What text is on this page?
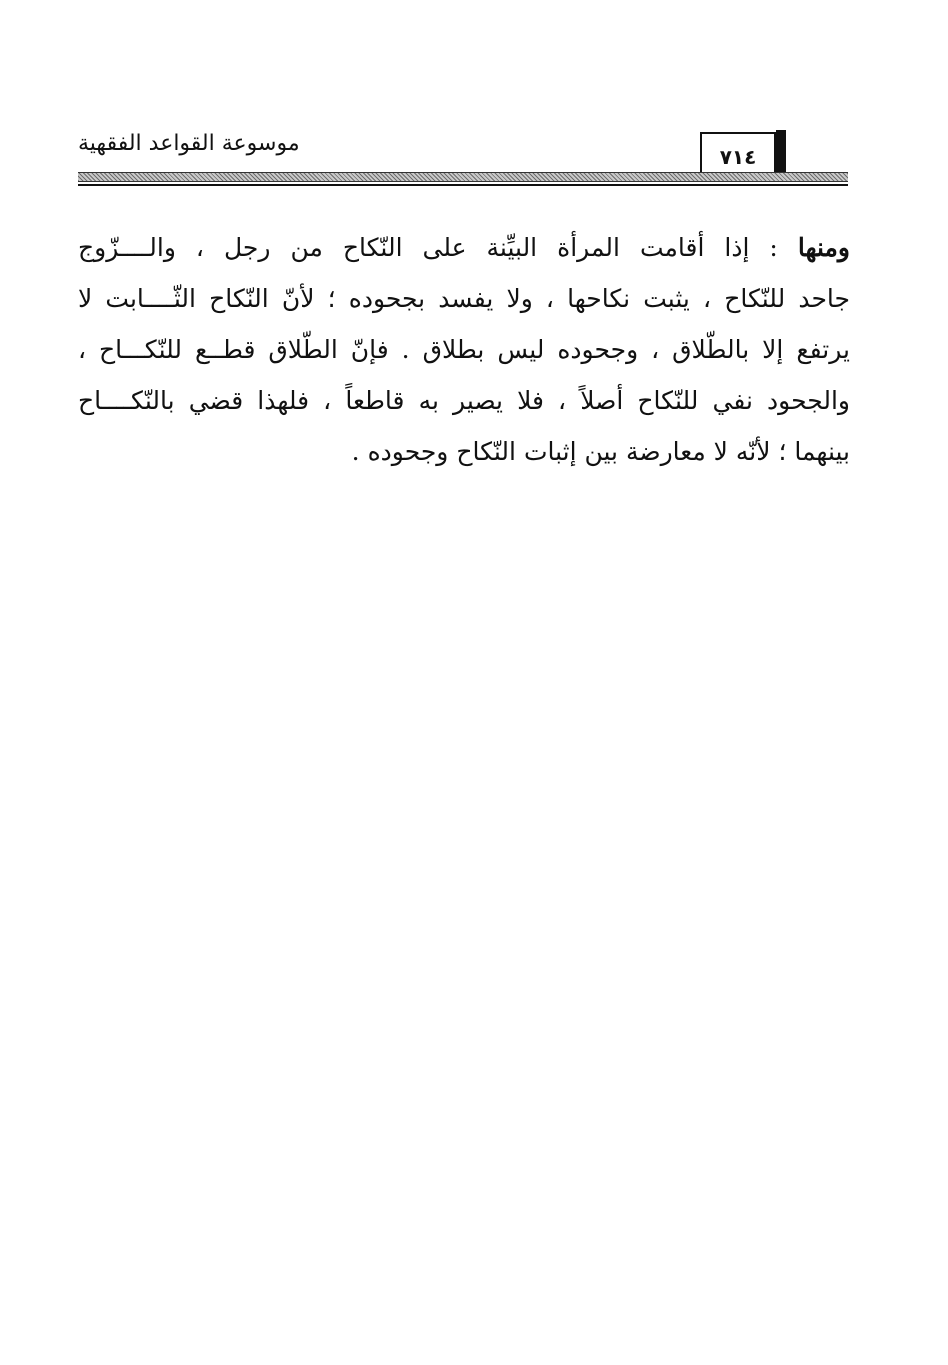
موسوعة القواعد الفقهية
٧١٤
ومنها : إذا أقامت المرأة البيِّنة على النّكاح من رجل ، والــــزّوج
جاحد للنّكاح ، يثبت نكاحها ، ولا يفسد بجحوده ؛ لأنّ النّكاح الثّــــابت لا
يرتفع إلا بالطّلاق ، وجحوده ليس بطلاق . فإنّ الطّلاق قطــع للنّكـــاح ،
والجحود نفي للنّكاح أصلاً ، فلا يصير به قاطعاً ، فلهذا قضي بالنّكــــاح
بينهما ؛ لأنّه لا معارضة بين إثبات النّكاح وجحوده .
